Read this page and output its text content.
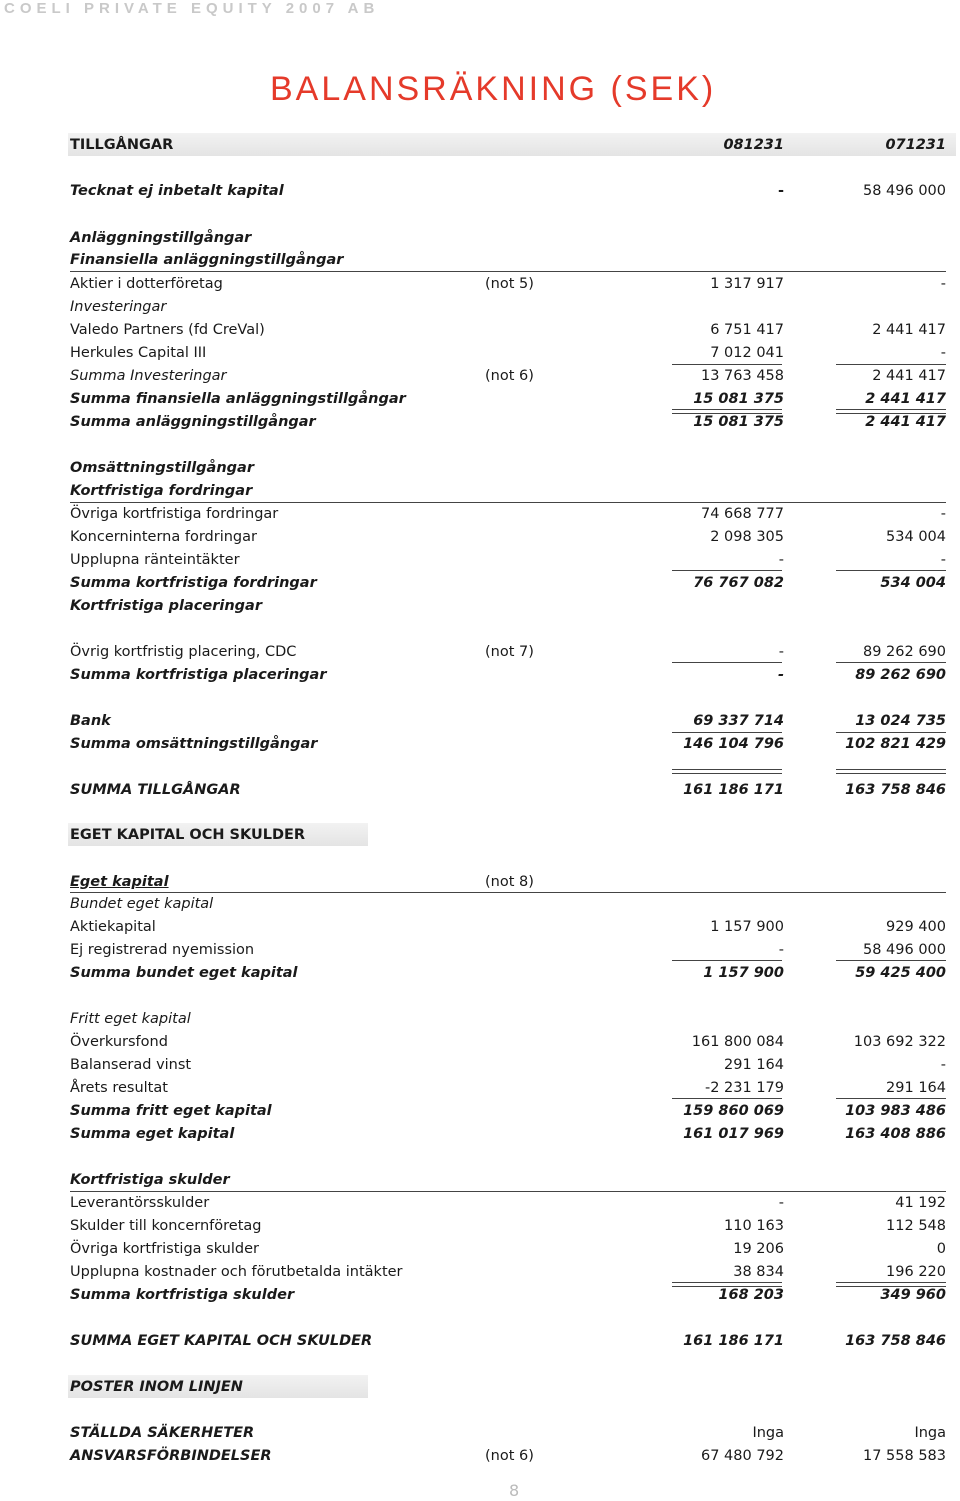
COELI PRIVATE EQUITY 2007 AB
BALANSRÄKNING (SEK)
TILLGÅNGAR	081231	071231
Tecknat ej inbetalt kapital	-	58 496 000
Anläggningstillgångar
Finansiella anläggningstillgångar
Aktier i dotterföretag	(not 5)	1 317 917	-
Investeringar
Valedo Partners (fd CreVal)	6 751 417	2 441 417
Herkules Capital III	7 012 041	-
Summa Investeringar	(not 6)	13 763 458	2 441 417
Summa finansiella anläggningstillgångar	15 081 375	2 441 417
Summa anläggningstillgångar	15 081 375	2 441 417
Omsättningstillgångar
Kortfristiga fordringar
Övriga kortfristiga fordringar	74 668 777	-
Koncerninterna fordringar	2 098 305	534 004
Upplupna ränteintäkter	-	-
Summa kortfristiga fordringar	76 767 082	534 004
Kortfristiga placeringar
Övrig kortfristig placering, CDC	(not 7)	-	89 262 690
Summa kortfristiga placeringar	-	89 262 690
Bank	69 337 714	13 024 735
Summa omsättningstillgångar	146 104 796	102 821 429
SUMMA TILLGÅNGAR	161 186 171	163 758 846
EGET KAPITAL OCH SKULDER
Eget kapital	(not 8)
Bundet eget kapital
Aktiekapital	1 157 900	929 400
Ej registrerad nyemission	-	58 496 000
Summa bundet eget kapital	1 157 900	59 425 400
Fritt eget kapital
Överkursfond	161 800 084	103 692 322
Balanserad vinst	291 164	-
Årets resultat	-2 231 179	291 164
Summa fritt eget kapital	159 860 069	103 983 486
Summa eget kapital	161 017 969	163 408 886
Kortfristiga skulder
Leverantörsskulder	-	41 192
Skulder till koncernföretag	110 163	112 548
Övriga kortfristiga skulder	19 206	0
Upplupna kostnader och förutbetalda intäkter	38 834	196 220
Summa kortfristiga skulder	168 203	349 960
SUMMA EGET KAPITAL OCH SKULDER	161 186 171	163 758 846
POSTER INOM LINJEN
STÄLLDA SÄKERHETER	Inga	Inga
ANSVARSFÖRBINDELSER	(not 6)	67 480 792	17 558 583
8
